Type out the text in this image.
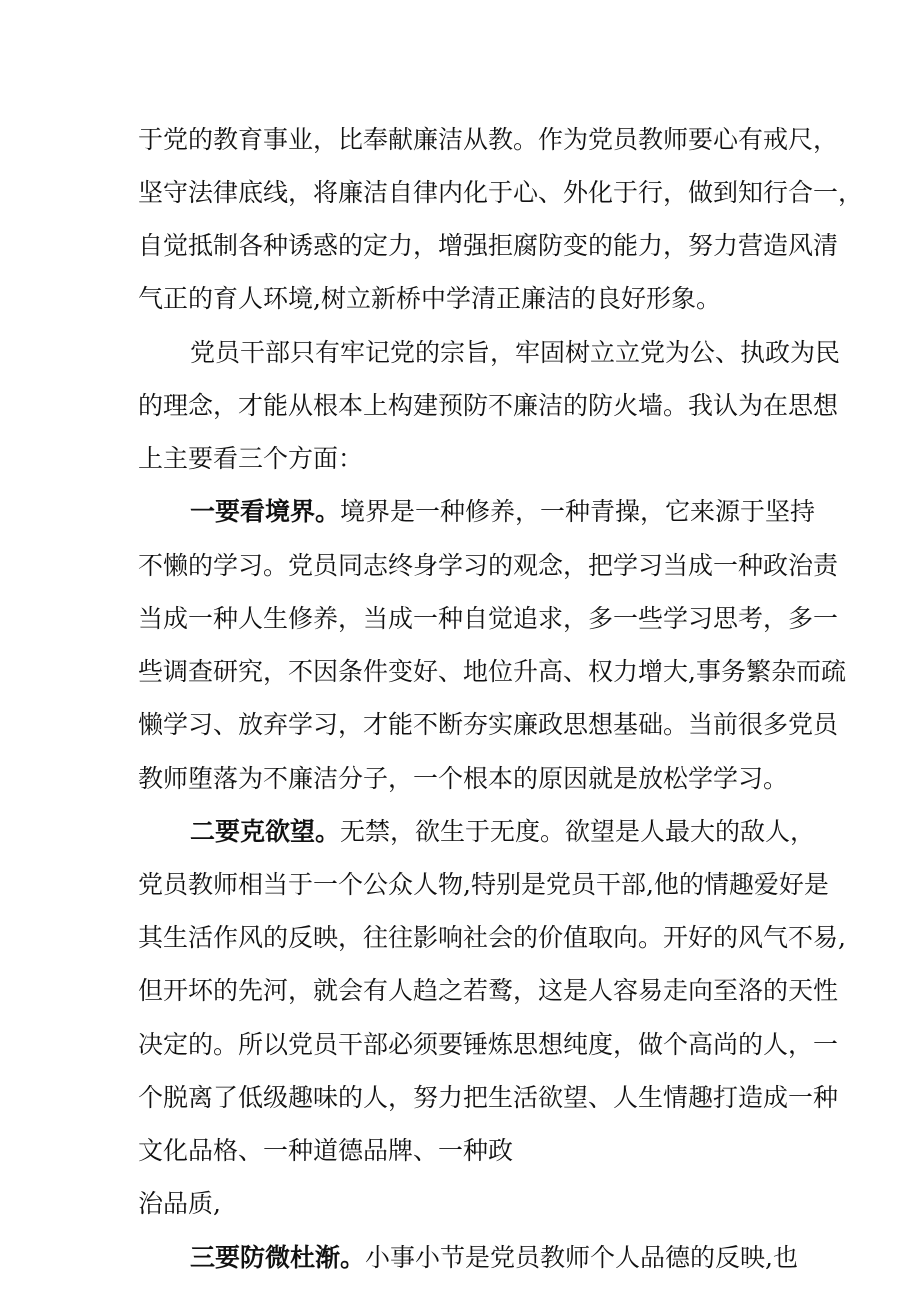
于党的教育事业，比奉献廉洁从教。作为党员教师要心有戒尺，
坚守法律底线，将廉洁自律内化于心、外化于行，做到知行合一，
自觉抵制各种诱惑的定力，增强拒腐防变的能力，努力营造风清
气正的育人环境,树立新桥中学清正廉洁的良好形象。
党员干部只有牢记党的宗旨，牢固树立立党为公、执政为民
的理念，才能从根本上构建预防不廉洁的防火墙。我认为在思想
上主要看三个方面：
一要看境界。境界是一种修养，一种青操，它来源于坚持
不懒的学习。党员同志终身学习的观念，把学习当成一种政治责
当成一种人生修养，当成一种自觉追求，多一些学习思考，多一
些调查研究，不因条件变好、地位升高、权力增大,事务繁杂而疏
懒学习、放弃学习，才能不断夯实廉政思想基础。当前很多党员
教师堕落为不廉洁分子，一个根本的原因就是放松学学习。
二要克欲望。无禁，欲生于无度。欲望是人最大的敌人，
党员教师相当于一个公众人物,特别是党员干部,他的情趣爱好是
其生活作风的反映，往往影响社会的价值取向。开好的风气不易,
但开坏的先河，就会有人趋之若鹜，这是人容易走向至洛的天性
决定的。所以党员干部必须要锤炼思想纯度，做个高尚的人，一
个脱离了低级趣味的人，努力把生活欲望、人生情趣打造成一种
文化品格、一种道德品牌、一种政
治品质,
三要防微杜渐。小事小节是党员教师个人品德的反映,也
